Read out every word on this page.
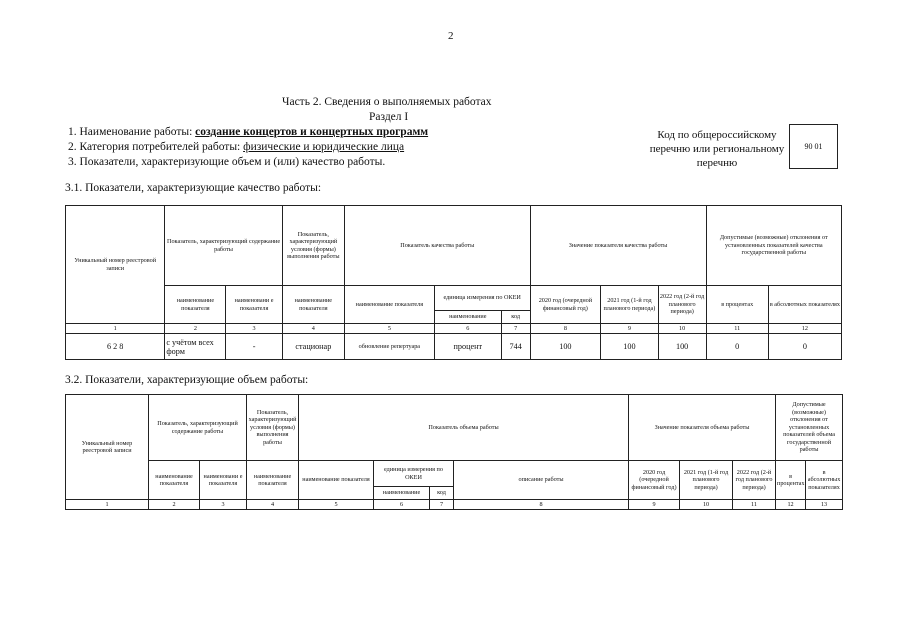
2
Часть 2. Сведения о выполняемых работах
Раздел I
1. Наименование работы: создание концертов и концертных программ
2. Категория потребителей работы: физические и юридические лица
3. Показатели, характеризующие объем и (или) качество работы.
Код по общероссийскому перечню или региональному перечню
90 01
3.1. Показатели, характеризующие качество работы:
Уникальный номер реестровой записи	Показатель, характеризующий содержание работы		Показатель, характеризующий условия (формы) выполнения работы	Показатель качества работы			Значение показателя качества работы			Допустимые (возможные) отклонения от установленных показателей качества государственной работы	
	наименование показателя	наименовани е показателя	наименование показателя	наименование показателя	единица измерения по ОКЕИ		2020 год (очередной финансовый год)	2021 год (1-й год планового периода)	2022 год (2-й год планового периода)	в процентах	в абсолютных показателях
					наименование	код					
1	2	3	4	5	6	7	8	9	10	11	12
6 2 8	с учётом всех форм	-	стационар	обновление репертуара	процент	744	100	100	100	0	0
3.2. Показатели, характеризующие объем работы:
Уникальный номер реестровой записи	Показатель, характеризующий содержание работы		Показатель, характеризующий условия (формы) выполнения работы	Показатель объема работы				Значение показателя объема работы			Допустимые (возможные) отклонения от установленных показателей объема государственной работы	
	наименование показателя	наименовани е показателя	наименование показателя	наименование показателя	единица измерения по ОКЕИ		описание работы	2020 год (очередной финансовый год)	2021 год (1-й год планового периода)	2022 год (2-й год планового периода)	в процентах	в абсолютных показателях
					наименование	код						
1	2	3	4	5	6	7	8	9	10	11	12	13
